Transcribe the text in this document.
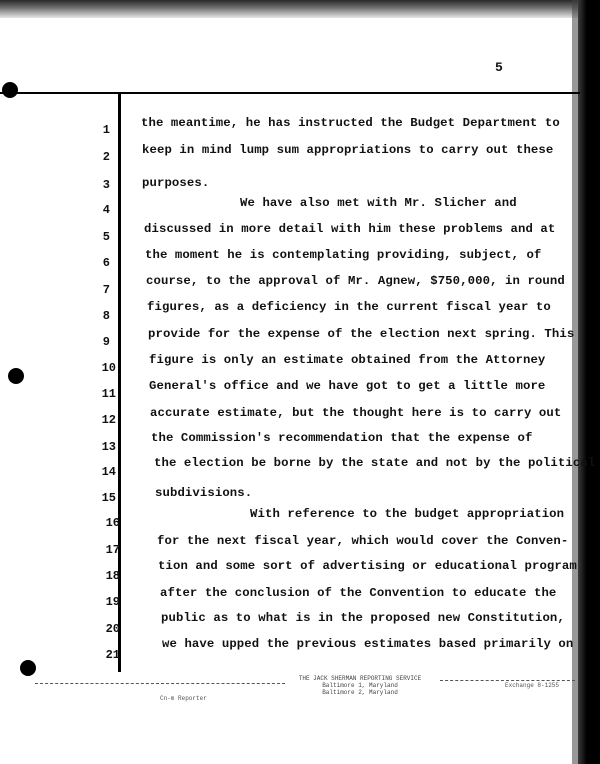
5
1	the meantime, he has instructed the Budget Department to
2	keep in mind lump sum appropriations to carry out these
3	purposes.
4	We have also met with Mr. Slicher and
5
discussed in more detail with him these problems and at
6
the moment he is contemplating providing, subject, of
7
course, to the approval of Mr. Agnew, $750,000, in round
8
figures, as a deficiency in the current fiscal year to
9
provide for the expense of the election next spring. This
10
figure is only an estimate obtained from the Attorney
11
General's office and we have got to get a little more
12	accurate estimate, but the thought here is to carry out
13
the Commission's recommendation that the expense of
14
the election be borne by the state and not by the political
15	subdivisions.
16
With reference to the budget appropriation
17
for the next fiscal year, which would cover the Conven-
18
tion and some sort of advertising or educational program
19
after the conclusion of the Convention to educate the
20
public as to what is in the proposed new Constitution,
21
we have upped the previous estimates based primarily on
THE JACK SHERMAN REPORTING SERVICE
Baltimore 1, Maryland
Baltimore 2, Maryland
Cn-m Reporter
Exchange 8-1255
